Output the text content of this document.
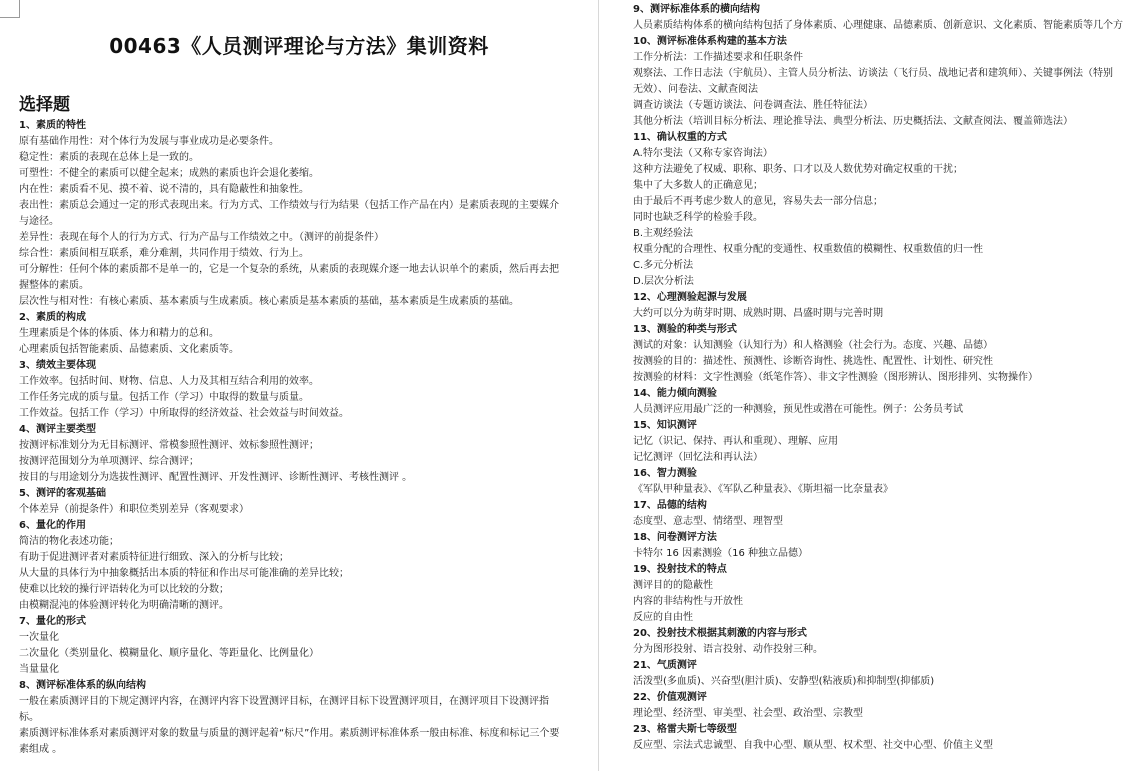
00463《人员测评理论与方法》集训资料
选择题
1、素质的特性
原有基础作用性：对个体行为发展与事业成功是必要条件。
稳定性：素质的表现在总体上是一致的。
可塑性：不健全的素质可以健全起来；成熟的素质也许会退化萎缩。
内在性：素质看不见、摸不着、说不清的，具有隐蔽性和抽象性。
表出性：素质总会通过一定的形式表现出来。行为方式、工作绩效与行为结果（包括工作产品在内）是素质表现的主要媒介与途径。
差异性：表现在每个人的行为方式、行为产品与工作绩效之中。（测评的前提条件）
综合性：素质间相互联系，难分难割，共同作用于绩效、行为上。
可分解性：任何个体的素质都不是单一的，它是一个复杂的系统，从素质的表现媒介逐一地去认识单个的素质，然后再去把握整体的素质。
层次性与相对性：有核心素质、基本素质与生成素质。核心素质是基本素质的基础，基本素质是生成素质的基础。
2、素质的构成
生理素质是个体的体质、体力和精力的总和。
心理素质包括智能素质、品德素质、文化素质等。
3、绩效主要体现
工作效率。包括时间、财物、信息、人力及其相互结合利用的效率。
工作任务完成的质与量。包括工作（学习）中取得的数量与质量。
工作效益。包括工作（学习）中所取得的经济效益、社会效益与时间效益。
4、测评主要类型
按测评标准划分为无目标测评、常模参照性测评、效标参照性测评；
按测评范围划分为单项测评、综合测评；
按目的与用途划分为选拔性测评、配置性测评、开发性测评、诊断性测评、考核性测评 。
5、测评的客观基础
个体差异（前提条件）和职位类别差异（客观要求）
6、量化的作用
简洁的物化表述功能；
有助于促进测评者对素质特征进行细致、深入的分析与比较；
从大量的具体行为中抽象概括出本质的特征和作出尽可能准确的差异比较；
使难以比较的操行评语转化为可以比较的分数；
由模糊混沌的体验测评转化为明确清晰的测评。
7、量化的形式
一次量化
二次量化（类别量化、模糊量化、顺序量化、等距量化、比例量化）
当量量化
8、测评标准体系的纵向结构
一般在素质测评目的下规定测评内容，在测评内容下设置测评目标，在测评目标下设置测评项目，在测评项目下设测评指标。
素质测评标准体系对素质测评对象的数量与质量的测评起着“标尺”作用。素质测评标准体系一般由标准、标度和标记三个要素组成 。
9、测评标准体系的横向结构
人员素质结构体系的横向结构包括了身体素质、心理健康、品德素质、创新意识、文化素质、智能素质等几个方
10、测评标准体系构建的基本方法
工作分析法：工作描述要求和任职条件
观察法、工作日志法（宇航员）、主管人员分析法、访谈法（飞行员、战地记者和建筑师）、关键事例法（特别
无效）、问卷法、文献查阅法
调查访谈法（专题访谈法、问卷调查法、胜任特征法）
其他分析法（培训目标分析法、理论推导法、典型分析法、历史概括法、文献查阅法、覆盖筛选法）
11、确认权重的方式
A.特尔斐法（又称专家咨询法）
这种方法避免了权威、职称、职务、口才以及人数优势对确定权重的干扰；
集中了大多数人的正确意见；
由于最后不再考虑少数人的意见，容易失去一部分信息；
同时也缺乏科学的检验手段。
B.主观经验法
权重分配的合理性、权重分配的变通性、权重数值的模糊性、权重数值的归一性
C.多元分析法
D.层次分析法
12、心理测验起源与发展
大约可以分为萌芽时期、成熟时期、昌盛时期与完善时期
13、测验的种类与形式
测试的对象：认知测验（认知行为）和人格测验（社会行为。态度、兴趣、品德）
按测验的目的：描述性、预测性、诊断咨询性、挑选性、配置性、计划性、研究性
按测验的材料：文字性测验（纸笔作答）、非文字性测验（图形辨认、图形排列、实物操作）
14、能力倾向测验
人员测评应用最广泛的一种测验，预见性或潜在可能性。例子：公务员考试
15、知识测评
记忆（识记、保持、再认和重现）、理解、应用
记忆测评（回忆法和再认法）
16、智力测验
《军队甲种量表》、《军队乙种量表》、《斯坦福一比奈量表》
17、品德的结构
态度型、意志型、情绪型、理智型
18、问卷测评方法
卡特尔 16 因素测验（16 种独立品德）
19、投射技术的特点
测评目的的隐蔽性
内容的非结构性与开放性
反应的自由性
20、投射技术根据其刺激的内容与形式
分为图形投射、语言投射、动作投射三种。
21、气质测评
活泼型(多血质)、兴奋型(胆汁质)、安静型(粘液质)和抑制型(抑郁质)
22、价值观测评
理论型、经济型、审美型、社会型、政治型、宗教型
23、格雷夫斯七等级型
反应型、宗法式忠诚型、自我中心型、顺从型、权术型、社交中心型、价值主义型
